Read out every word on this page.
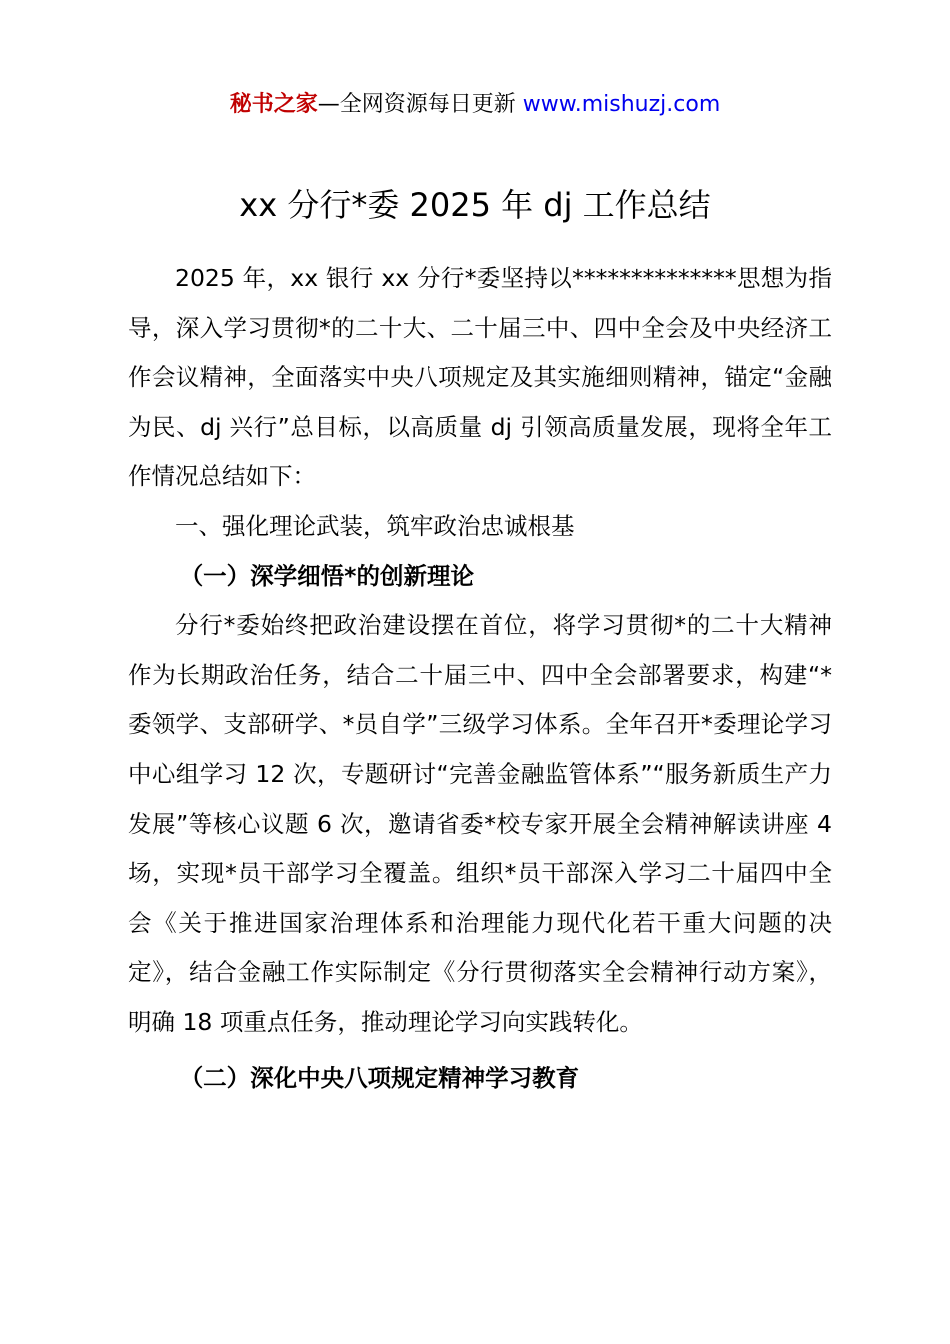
秘书之家—全网资源每日更新 www.mishuzj.com
xx 分行*委 2025 年 dj 工作总结

2025 年，xx 银行 xx 分行*委坚持以**************思想为指导，深入学习贯彻*的二十大、二十届三中、四中全会及中央经济工作会议精神，全面落实中央八项规定及其实施细则精神，锚定“金融为民、dj 兴行”总目标，以高质量 dj 引领高质量发展，现将全年工作情况总结如下：

一、强化理论武装，筑牢政治忠诚根基

（一）深学细悟*的创新理论

分行*委始终把政治建设摆在首位，将学习贯彻*的二十大精神作为长期政治任务，结合二十届三中、四中全会部署要求，构建“*委领学、支部研学、*员自学”三级学习体系。全年召开*委理论学习中心组学习 12 次，专题研讨“完善金融监管体系”“服务新质生产力发展”等核心议题 6 次，邀请省委*校专家开展全会精神解读讲座 4 场，实现*员干部学习全覆盖。组织*员干部深入学习二十届四中全会《关于推进国家治理体系和治理能力现代化若干重大问题的决定》，结合金融工作实际制定《分行贯彻落实全会精神行动方案》，明确 18 项重点任务，推动理论学习向实践转化。

（二）深化中央八项规定精神学习教育
